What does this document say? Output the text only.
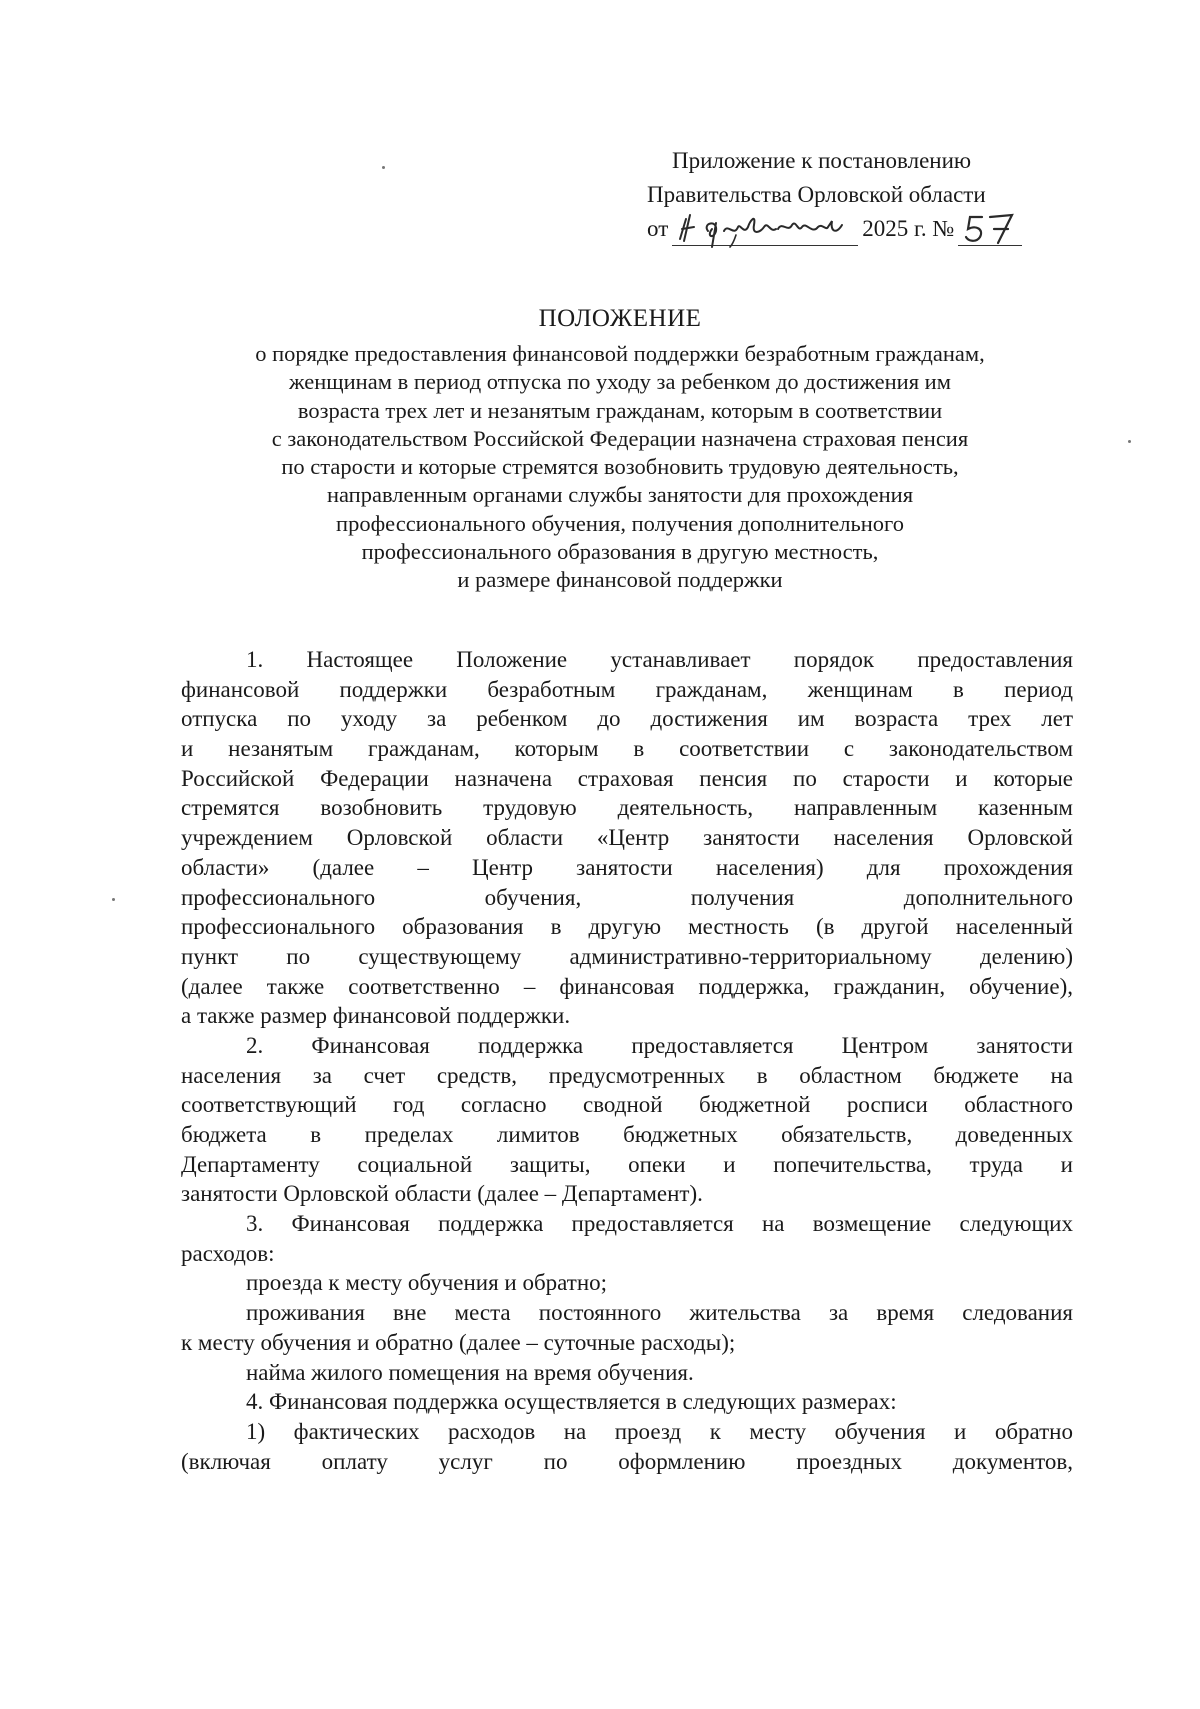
Приложение к постановлению
Правительства Орловской области
от	2025 г. №
ПОЛОЖЕНИЕ
о порядке предоставления финансовой поддержки безработным гражданам,
женщинам в период отпуска по уходу за ребенком до достижения им
возраста трех лет и незанятым гражданам, которым в соответствии
с законодательством Российской Федерации назначена страховая пенсия
по старости и которые стремятся возобновить трудовую деятельность,
направленным органами службы занятости для прохождения
профессионального обучения, получения дополнительного
профессионального образования в другую местность,
и размере финансовой поддержки
1. Настоящее Положение устанавливает порядок предоставления
финансовой поддержки безработным гражданам, женщинам в период
отпуска по уходу за ребенком до достижения им возраста трех лет
и незанятым гражданам, которым в соответствии с законодательством
Российской Федерации назначена страховая пенсия по старости и которые
стремятся возобновить трудовую деятельность, направленным казенным
учреждением Орловской области «Центр занятости населения Орловской
области» (далее – Центр занятости населения) для прохождения
профессионального обучения, получения дополнительного
профессионального образования в другую местность (в другой населенный
пункт по существующему административно-территориальному делению)
(далее также соответственно – финансовая поддержка, гражданин, обучение),
а также размер финансовой поддержки.
2. Финансовая поддержка предоставляется Центром занятости
населения за счет средств, предусмотренных в областном бюджете на
соответствующий год согласно сводной бюджетной росписи областного
бюджета в пределах лимитов бюджетных обязательств, доведенных
Департаменту социальной защиты, опеки и попечительства, труда и
занятости Орловской области (далее – Департамент).
3. Финансовая поддержка предоставляется на возмещение следующих
расходов:
проезда к месту обучения и обратно;
проживания вне места постоянного жительства за время следования
к месту обучения и обратно (далее – суточные расходы);
найма жилого помещения на время обучения.
4. Финансовая поддержка осуществляется в следующих размерах:
1) фактических расходов на проезд к месту обучения и обратно
(включая оплату услуг по оформлению проездных документов,
